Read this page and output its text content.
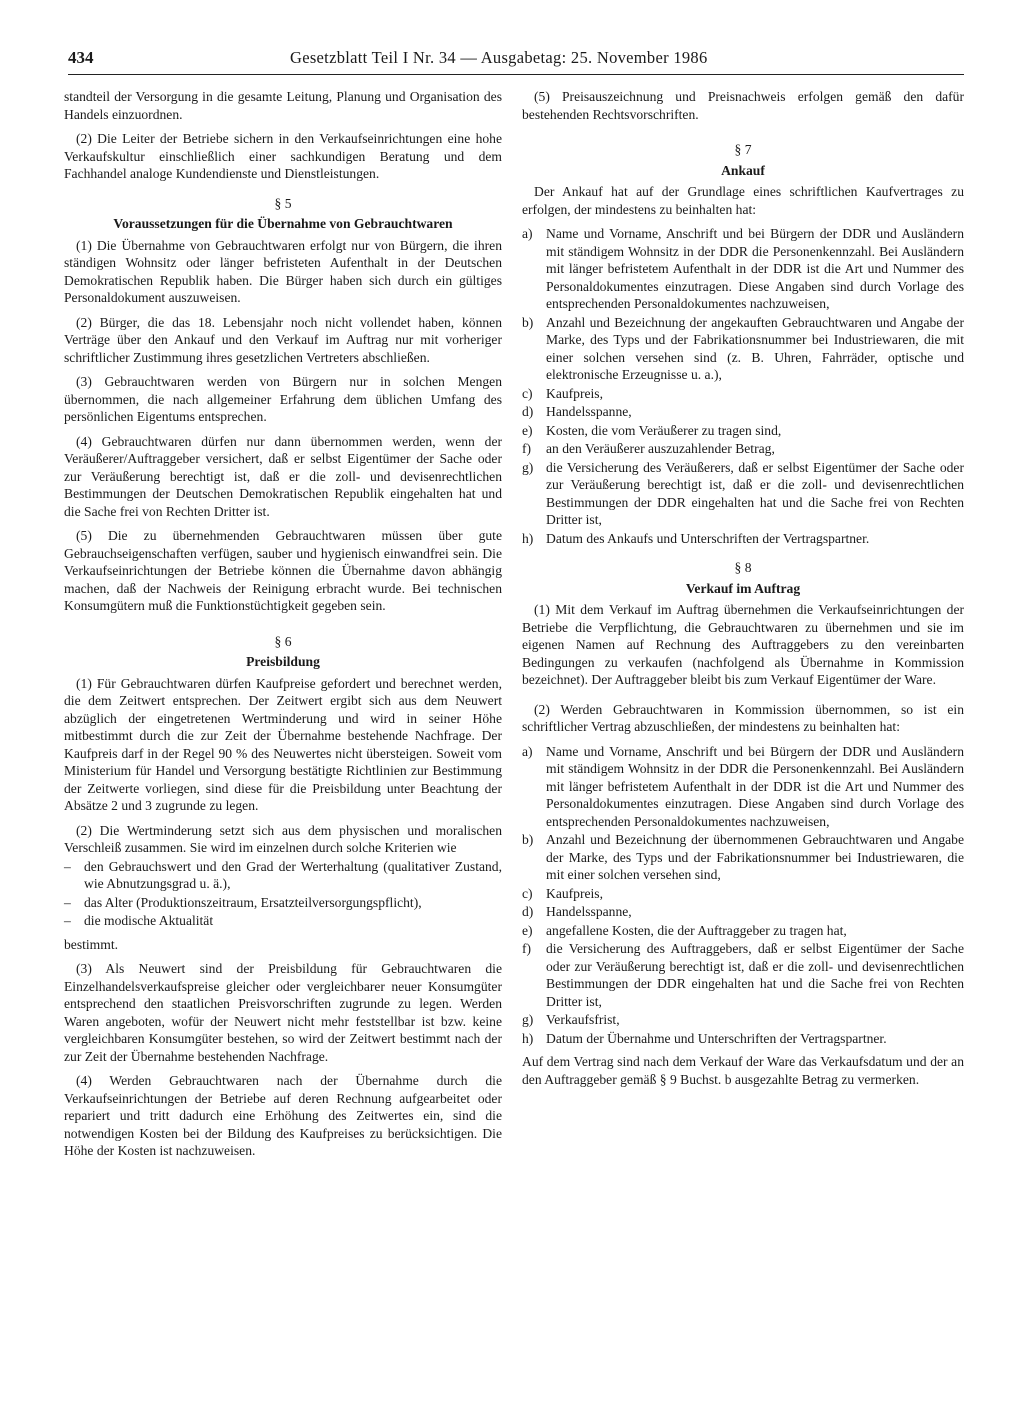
434	Gesetzblatt Teil I Nr. 34 — Ausgabetag: 25. November 1986

standteil der Versorgung in die gesamte Leitung, Planung und Organisation des Handels einzuordnen.

(2) Die Leiter der Betriebe sichern in den Verkaufseinrichtungen eine hohe Verkaufskultur einschließlich einer sachkundigen Beratung und dem Fachhandel analoge Kundendienste und Dienstleistungen.

§ 5
Voraussetzungen für die Übernahme von Gebrauchtwaren

(1) Die Übernahme von Gebrauchtwaren erfolgt nur von Bürgern, die ihren ständigen Wohnsitz oder länger befristeten Aufenthalt in der Deutschen Demokratischen Republik haben. Die Bürger haben sich durch ein gültiges Personaldokument auszuweisen.

(2) Bürger, die das 18. Lebensjahr noch nicht vollendet haben, können Verträge über den Ankauf und den Verkauf im Auftrag nur mit vorheriger schriftlicher Zustimmung ihres gesetzlichen Vertreters abschließen.

(3) Gebrauchtwaren werden von Bürgern nur in solchen Mengen übernommen, die nach allgemeiner Erfahrung dem üblichen Umfang des persönlichen Eigentums entsprechen.

(4) Gebrauchtwaren dürfen nur dann übernommen werden, wenn der Veräußerer/Auftraggeber versichert, daß er selbst Eigentümer der Sache oder zur Veräußerung berechtigt ist, daß er die zoll- und devisenrechtlichen Bestimmungen der Deutschen Demokratischen Republik eingehalten hat und die Sache frei von Rechten Dritter ist.

(5) Die zu übernehmenden Gebrauchtwaren müssen über gute Gebrauchseigenschaften verfügen, sauber und hygienisch einwandfrei sein. Die Verkaufseinrichtungen der Betriebe können die Übernahme davon abhängig machen, daß der Nachweis der Reinigung erbracht wurde. Bei technischen Konsumgütern muß die Funktionstüchtigkeit gegeben sein.

§ 6
Preisbildung

(1) Für Gebrauchtwaren dürfen Kaufpreise gefordert und berechnet werden, die dem Zeitwert entsprechen. Der Zeitwert ergibt sich aus dem Neuwert abzüglich der eingetretenen Wertminderung und wird in seiner Höhe mitbestimmt durch die zur Zeit der Übernahme bestehende Nachfrage. Der Kaufpreis darf in der Regel 90 % des Neuwertes nicht übersteigen. Soweit vom Ministerium für Handel und Versorgung bestätigte Richtlinien zur Bestimmung der Zeitwerte vorliegen, sind diese für die Preisbildung unter Beachtung der Absätze 2 und 3 zugrunde zu legen.

(2) Die Wertminderung setzt sich aus dem physischen und moralischen Verschleiß zusammen. Sie wird im einzelnen durch solche Kriterien wie

– den Gebrauchswert und den Grad der Werterhaltung (qualitativer Zustand, wie Abnutzungsgrad u. ä.),
– das Alter (Produktionszeitraum, Ersatzteilversorgungspflicht),
– die modische Aktualität

bestimmt.

(3) Als Neuwert sind der Preisbildung für Gebrauchtwaren die Einzelhandelsverkaufspreise gleicher oder vergleichbarer neuer Konsumgüter entsprechend den staatlichen Preisvorschriften zugrunde zu legen. Werden Waren angeboten, wofür der Neuwert nicht mehr feststellbar ist bzw. keine vergleichbaren Konsumgüter bestehen, so wird der Zeitwert bestimmt nach der zur Zeit der Übernahme bestehenden Nachfrage.

(4) Werden Gebrauchtwaren nach der Übernahme durch die Verkaufseinrichtungen der Betriebe auf deren Rechnung aufgearbeitet oder repariert und tritt dadurch eine Erhöhung des Zeitwertes ein, sind die notwendigen Kosten bei der Bildung des Kaufpreises zu berücksichtigen. Die Höhe der Kosten ist nachzuweisen.

(5) Preisauszeichnung und Preisnachweis erfolgen gemäß den dafür bestehenden Rechtsvorschriften.

§ 7
Ankauf

Der Ankauf hat auf der Grundlage eines schriftlichen Kaufvertrages zu erfolgen, der mindestens zu beinhalten hat:

a) Name und Vorname, Anschrift und bei Bürgern der DDR und Ausländern mit ständigem Wohnsitz in der DDR die Personenkennzahl. Bei Ausländern mit länger befristetem Aufenthalt in der DDR ist die Art und Nummer des Personaldokumentes einzutragen. Diese Angaben sind durch Vorlage des entsprechenden Personaldokumentes nachzuweisen,
b) Anzahl und Bezeichnung der angekauften Gebrauchtwaren und Angabe der Marke, des Typs und der Fabrikationsnummer bei Industriewaren, die mit einer solchen versehen sind (z. B. Uhren, Fahrräder, optische und elektronische Erzeugnisse u. a.),
c) Kaufpreis,
d) Handelsspanne,
e) Kosten, die vom Veräußerer zu tragen sind,
f) an den Veräußerer auszuzahlender Betrag,
g) die Versicherung des Veräußerers, daß er selbst Eigentümer der Sache oder zur Veräußerung berechtigt ist, daß er die zoll- und devisenrechtlichen Bestimmungen der DDR eingehalten hat und die Sache frei von Rechten Dritter ist,
h) Datum des Ankaufs und Unterschriften der Vertragspartner.
§ 8
Verkauf im Auftrag

(1) Mit dem Verkauf im Auftrag übernehmen die Verkaufseinrichtungen der Betriebe die Verpflichtung, die Gebrauchtwaren zu übernehmen und sie im eigenen Namen auf Rechnung des Auftraggebers zu den vereinbarten Bedingungen zu verkaufen (nachfolgend als Übernahme in Kommission bezeichnet). Der Auftraggeber bleibt bis zum Verkauf Eigentümer der Ware.

(2) Werden Gebrauchtwaren in Kommission übernommen, so ist ein schriftlicher Vertrag abzuschließen, der mindestens zu beinhalten hat:

a) Name und Vorname, Anschrift und bei Bürgern der DDR und Ausländern mit ständigem Wohnsitz in der DDR die Personenkennzahl. Bei Ausländern mit länger befristetem Aufenthalt in der DDR ist die Art und Nummer des Personaldokumentes einzutragen. Diese Angaben sind durch Vorlage des entsprechenden Personaldokumentes nachzuweisen,
b) Anzahl und Bezeichnung der übernommenen Gebrauchtwaren und Angabe der Marke, des Typs und der Fabrikationsnummer bei Industriewaren, die mit einer solchen versehen sind,
c) Kaufpreis,
d) Handelsspanne,
e) angefallene Kosten, die der Auftraggeber zu tragen hat,
f) die Versicherung des Auftraggebers, daß er selbst Eigentümer der Sache oder zur Veräußerung berechtigt ist, daß er die zoll- und devisenrechtlichen Bestimmungen der DDR eingehalten hat und die Sache frei von Rechten Dritter ist,
g) Verkaufsfrist,
h) Datum der Übernahme und Unterschriften der Vertragspartner.

Auf dem Vertrag sind nach dem Verkauf der Ware das Verkaufsdatum und der an den Auftraggeber gemäß § 9 Buchst. b ausgezahlte Betrag zu vermerken.
